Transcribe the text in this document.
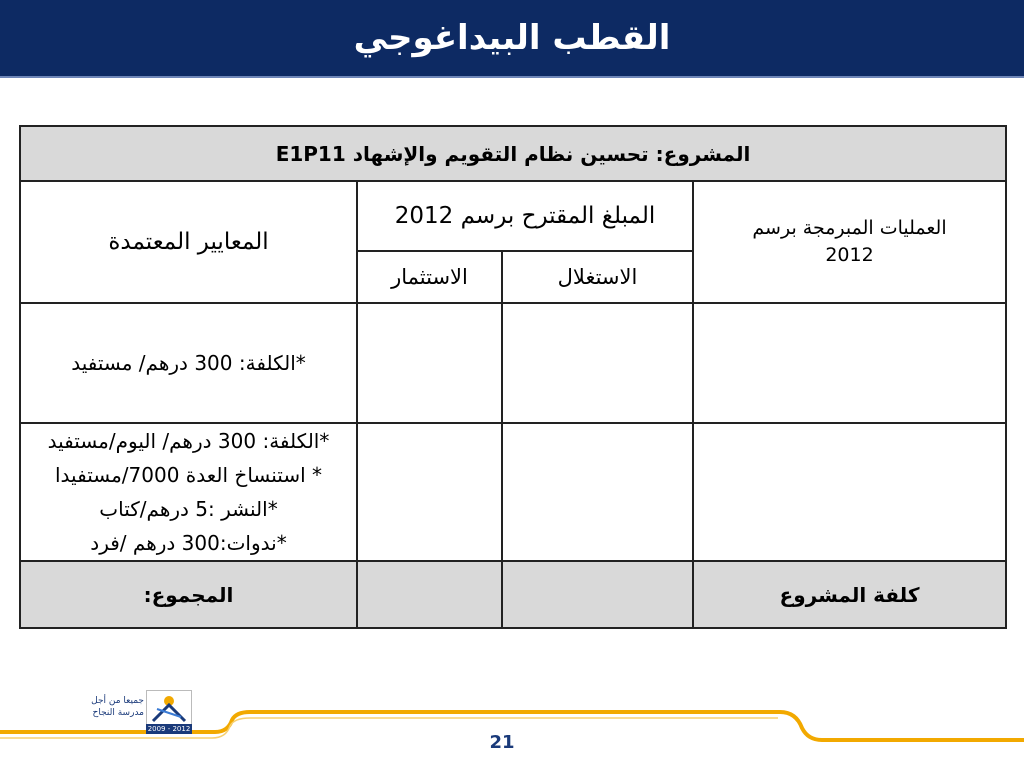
القطب البيداغوجي
المشروع: تحسين نظام التقويم والإشهاد E1P11			
المعايير المعتمدة	المبلغ المقترح برسم 2012		العمليات المبرمجة برسم
2012

	الاستثمار	الاستغلال	
*الكلفة: 300 درهم/ مستفيد			

*الكلفة: 300 درهم/ اليوم/مستفيد
* استنساخ العدة 7000/مستفيدا
*النشر :5 درهم/كتاب
*ندوات:300 درهم /فرد			

المجموع:			كلفة المشروع
جميعا من أجل
مدرسة النجاح
2009 - 2012
21
